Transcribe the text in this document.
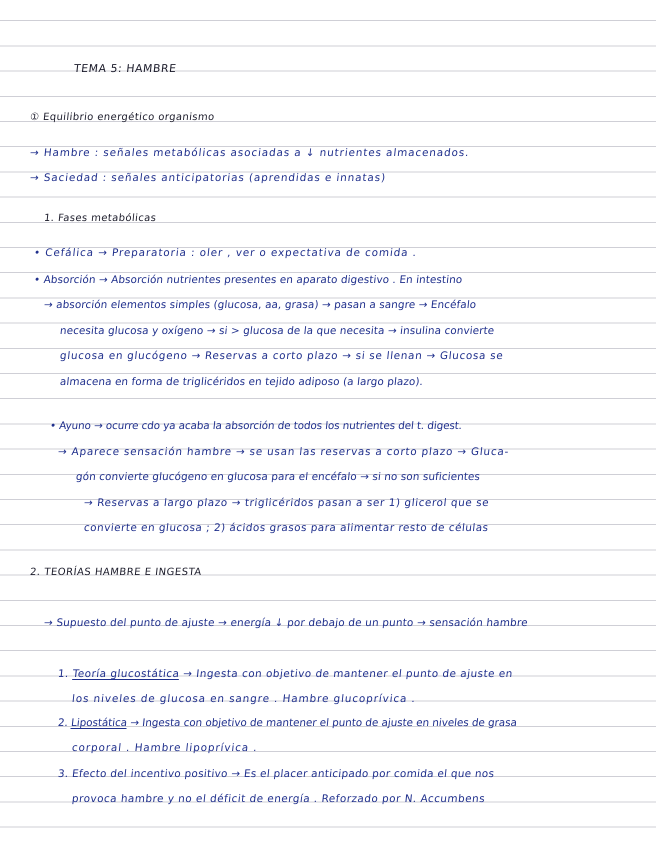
TEMA 5: HAMBRE
① Equilibrio energético organismo
→ Hambre : señales metabólicas asociadas a ↓ nutrientes almacenados.
→ Saciedad : señales anticipatorias (aprendidas e innatas)
1. Fases metabólicas
• Cefálica → Preparatoria : oler , ver o expectativa de comida .
• Absorción → Absorción nutrientes presentes en aparato digestivo . En intestino
→ absorción elementos simples (glucosa, aa, grasa) → pasan a sangre → Encéfalo
necesita glucosa y oxígeno → si > glucosa de la que necesita → insulina convierte
glucosa en glucógeno → Reservas a corto plazo → si se llenan → Glucosa se
almacena en forma de triglicéridos en tejido adiposo (a largo plazo).
• Ayuno → ocurre cdo ya acaba la absorción de todos los nutrientes del t. digest.
→ Aparece sensación hambre → se usan las reservas a corto plazo → Gluca-
gón convierte glucógeno en glucosa para el encéfalo → si no son suficientes
→ Reservas a largo plazo → triglicéridos pasan a ser 1) glicerol que se
convierte en glucosa ; 2) ácidos grasos para alimentar resto de células
2. TEORÍAS HAMBRE E INGESTA
→ Supuesto del punto de ajuste → energía ↓ por debajo de un punto → sensación hambre
1. Teoría glucostática → Ingesta con objetivo de mantener el punto de ajuste en
los niveles de glucosa en sangre . Hambre glucoprívica .
2. Lipostática → Ingesta con objetivo de mantener el punto de ajuste en niveles de grasa
corporal . Hambre lipoprívica .
3. Efecto del incentivo positivo → Es el placer anticipado por comida el que nos
provoca hambre y no el déficit de energía . Reforzado por N. Accumbens
